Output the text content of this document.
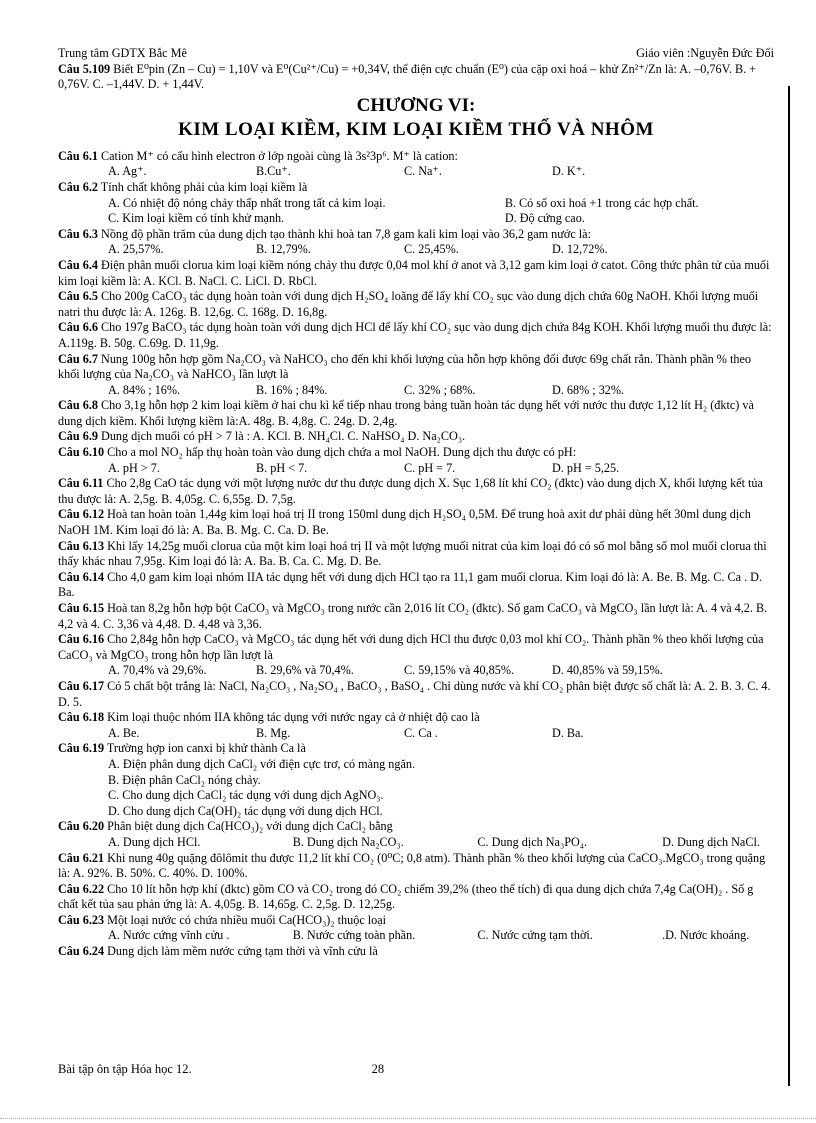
Trung tâm GDTX Bắc Mê	Giáo viên :Nguyễn Đức Đối

Câu 5.109 Biết E⁰pin (Zn – Cu) = 1,10V và E⁰(Cu²⁺/Cu) = +0,34V, thế điện cực chuẩn (E⁰) của cặp oxi hoá – khử Zn²⁺/Zn là: A. –0,76V. B. + 0,76V. C. –1,44V. D. + 1,44V.

CHƯƠNG VI:
KIM LOẠI KIỀM, KIM LOẠI KIỀM THỔ VÀ NHÔM

Câu 6.1 Cation M⁺ có cấu hình electron ở lớp ngoài cùng là 3s²3p⁶. M⁺ là cation:

A. Ag⁺.	B.Cu⁺.	C. Na⁺.	D. K⁺.

Câu 6.2 Tính chất không phải của kim loại kiềm là

A. Có nhiệt độ nóng chảy thấp nhất trong tất cả kim loại.	B. Có số oxi hoá +1 trong các hợp chất.
C. Kim loại kiềm có tính khử mạnh.	D. Độ cứng cao.

Câu 6.3 Nồng độ phần trăm của dung dịch tạo thành khi hoà tan 7,8 gam kali kim loại vào 36,2 gam nước là:

A. 25,57%.	B. 12,79%.	C. 25,45%.	D. 12,72%.

Câu 6.4 Điện phân muối clorua kim loại kiềm nóng chảy thu được 0,04 mol khí ở anot và 3,12 gam kim loại ở catot. Công thức phân tử của muối kim loại kiềm là: A. KCl. B. NaCl. C. LiCl. D. RbCl.

Câu 6.5 Cho 200g CaCO₃ tác dụng hoàn toàn với dung dịch H₂SO₄ loãng để lấy khí CO₂ sục vào dung dịch chứa 60g NaOH. Khối lượng muối natri thu được là: A. 126g. B. 12,6g. C. 168g. D. 16,8g.

Câu 6.6 Cho 197g BaCO₃ tác dụng hoàn toàn với dung dịch HCl để lấy khí CO₂ sục vào dung dịch chứa 84g KOH. Khối lượng muối thu được là: A.119g. B. 50g. C.69g. D. 11,9g.

Câu 6.7 Nung 100g hỗn hợp gồm Na₂CO₃ và NaHCO₃ cho đến khi khối lượng của hỗn hợp không đổi được 69g chất rắn. Thành phần % theo khối lượng của Na₂CO₃ và NaHCO₃ lần lượt là

A. 84% ; 16%.	B. 16% ; 84%.	C. 32% ; 68%.	D. 68% ; 32%.

Câu 6.8 Cho 3,1g hỗn hợp 2 kim loại kiềm ở hai chu kì kế tiếp nhau trong bảng tuần hoàn tác dụng hết với nước thu được 1,12 lít H₂ (đktc) và dung dịch kiềm. Khối lượng kiềm là:A. 48g. B. 4,8g. C. 24g. D. 2,4g.

Câu 6.9 Dung dịch muối có pH > 7 là : A. KCl. B. NH₄Cl. C. NaHSO₄ D. Na₂CO₃.

Câu 6.10 Cho a mol NO₂ hấp thụ hoàn toàn vào dung dịch chứa a mol NaOH. Dung dịch thu được có pH:

A. pH > 7.	B. pH < 7.	C. pH = 7.	D. pH = 5,25.

Câu 6.11 Cho 2,8g CaO tác dụng với một lượng nước dư thu được dung dịch X. Sục 1,68 lít khí CO₂ (đktc) vào dung dịch X, khối lượng kết tủa thu được là: A. 2,5g. B. 4,05g. C. 6,55g. D. 7,5g.

Câu 6.12 Hoà tan hoàn toàn 1,44g kim loại hoá trị II trong 150ml dung dịch H₂SO₄ 0,5M. Để trung hoà axit dư phải dùng hết 30ml dung dịch NaOH 1M. Kim loại đó là: A. Ba. B. Mg. C. Ca. D. Be.

Câu 6.13 Khi lấy 14,25g muối clorua của một kim loại hoá trị II và một lượng muối nitrat của kim loại đó có số mol bằng số mol muối clorua thì thấy khác nhau 7,95g. Kim loại đó là: A. Ba. B. Ca. C. Mg. D. Be.

Câu 6.14 Cho 4,0 gam kim loại nhóm IIA tác dụng hết với dung dịch HCl tạo ra 11,1 gam muối clorua. Kim loại đó là: A. Be. B. Mg. C. Ca . D. Ba.

Câu 6.15 Hoà tan 8,2g hỗn hợp bột CaCO₃ và MgCO₃ trong nước cần 2,016 lít CO₂ (đktc). Số gam CaCO₃ và MgCO₃ lần lượt là: A. 4 và 4,2. B. 4,2 và 4. C. 3,36 và 4,48. D. 4,48 và 3,36.

Câu 6.16 Cho 2,84g hỗn hợp CaCO₃ và MgCO₃ tác dụng hết với dung dịch HCl thu được 0,03 mol khí CO₂. Thành phần % theo khối lượng của CaCO₃ và MgCO₃ trong hỗn hợp lần lượt là

A. 70,4% và 29,6%.	B. 29,6% và 70,4%.	C. 59,15% và 40,85%.	D. 40,85% và 59,15%.

Câu 6.17 Có 5 chất bột trắng là: NaCl, Na₂CO₃ , Na₂SO₄ , BaCO₃ , BaSO₄ . Chỉ dùng nước và khí CO₂ phân biệt được số chất là: A. 2. B. 3. C. 4. D. 5.

Câu 6.18 Kim loại thuộc nhóm IIA không tác dụng với nước ngay cả ở nhiệt độ cao là

A. Be.	B. Mg.	C. Ca .	D. Ba.

Câu 6.19 Trường hợp ion canxi bị khử thành Ca là

A. Điện phân dung dịch CaCl₂ với điện cực trơ, có màng ngăn.
B. Điện phân CaCl₂ nóng chảy.
C. Cho dung dịch CaCl₂ tác dụng với dung dịch AgNO₃.
D. Cho dung dịch Ca(OH)₂ tác dụng với dung dịch HCl.

Câu 6.20 Phân biệt dung dịch Ca(HCO₃)₂ với dung dịch CaCl₂ bằng

A. Dung dịch HCl.	B. Dung dịch Na₂CO₃.	C. Dung dịch Na₃PO₄.	D. Dung dịch NaCl.

Câu 6.21 Khi nung 40g quặng đôlômit thu được 11,2 lít khí CO₂ (0⁰C; 0,8 atm). Thành phần % theo khối lượng của CaCO₃.MgCO₃ trong quặng là: A. 92%. B. 50%. C. 40%. D. 100%.

Câu 6.22 Cho 10 lít hỗn hợp khí (đktc) gồm CO và CO₂ trong đó CO₂ chiếm 39,2% (theo thể tích) đi qua dung dịch chứa 7,4g Ca(OH)₂ . Số g chất kết tủa sau phản ứng là: A. 4,05g. B. 14,65g. C. 2,5g. D. 12,25g.

Câu 6.23 Một loại nước có chứa nhiều muối Ca(HCO₃)₂ thuộc loại

A. Nước cứng vĩnh cửu .	B. Nước cứng toàn phần.	C. Nước cứng tạm thời.	.D. Nước khoáng.

Câu 6.24 Dung dịch làm mềm nước cứng tạm thời và vĩnh cửu là

Bài tập ôn tập Hóa học 12.	28
